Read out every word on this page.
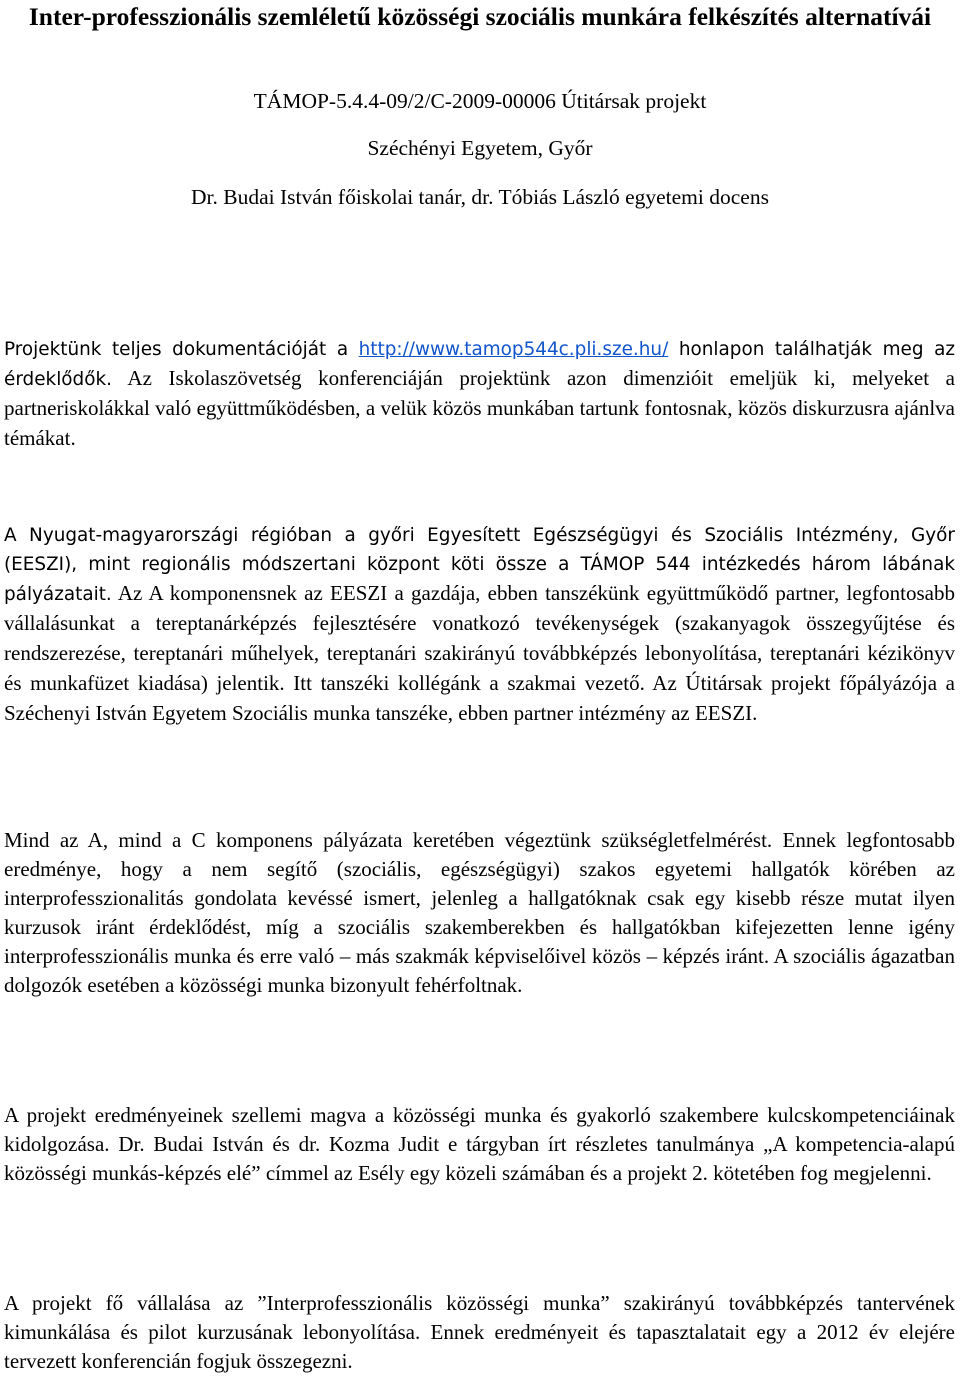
Inter-professzionális szemléletű közösségi szociális munkára felkészítés alternatívái

TÁMOP-5.4.4-09/2/C-2009-00006 Útitársak projekt

Széchényi Egyetem, Győr

Dr. Budai István főiskolai tanár, dr. Tóbiás László egyetemi docens

Projektünk teljes dokumentációját a http://www.tamop544c.pli.sze.hu/ honlapon találhatják meg az érdeklődők. Az Iskolaszövetség konferenciáján projektünk azon dimenzióit emeljük ki, melyeket a partneriskolákkal való együttműködésben, a velük közös munkában tartunk fontosnak, közös diskurzusra ajánlva témákat.

A Nyugat-magyarországi régióban a győri Egyesített Egészségügyi és Szociális Intézmény, Győr (EESZI), mint regionális módszertani központ köti össze a TÁMOP 544 intézkedés három lábának pályázatait. Az A komponensnek az EESZI a gazdája, ebben tanszékünk együttműködő partner, legfontosabb vállalásunkat a tereptanárképzés fejlesztésére vonatkozó tevékenységek (szakanyagok összegyűjtése és rendszerezése, tereptanári műhelyek, tereptanári szakirányú továbbképzés lebonyolítása, tereptanári kézikönyv és munkafüzet kiadása) jelentik. Itt tanszéki kollégánk a szakmai vezető. Az Útitársak projekt főpályázója a Széchenyi István Egyetem Szociális munka tanszéke, ebben partner intézmény az EESZI.

Mind az A, mind a C komponens pályázata keretében végeztünk szükségletfelmérést. Ennek legfontosabb eredménye, hogy a nem segítő (szociális, egészségügyi) szakos egyetemi hallgatók körében az interprofesszionalitás gondolata kevéssé ismert, jelenleg a hallgatóknak csak egy kisebb része mutat ilyen kurzusok iránt érdeklődést, míg a szociális szakemberekben és hallgatókban kifejezetten lenne igény interprofesszionális munka és erre való – más szakmák képviselőivel közös – képzés iránt. A szociális ágazatban dolgozók esetében a közösségi munka bizonyult fehérfoltnak.

A projekt eredményeinek szellemi magva a közösségi munka és gyakorló szakembere kulcskompetenciáinak kidolgozása. Dr. Budai István és dr. Kozma Judit e tárgyban írt részletes tanulmánya „A kompetencia-alapú közösségi munkás-képzés elé” címmel az Esély egy közeli számában és a projekt 2. kötetében fog megjelenni.

A projekt fő vállalása az ”Interprofesszionális közösségi munka” szakirányú továbbképzés tantervének kimunkálása és pilot kurzusának lebonyolítása. Ennek eredményeit és tapasztalatait egy a 2012 év elejére tervezett konferencián fogjuk összegezni.
